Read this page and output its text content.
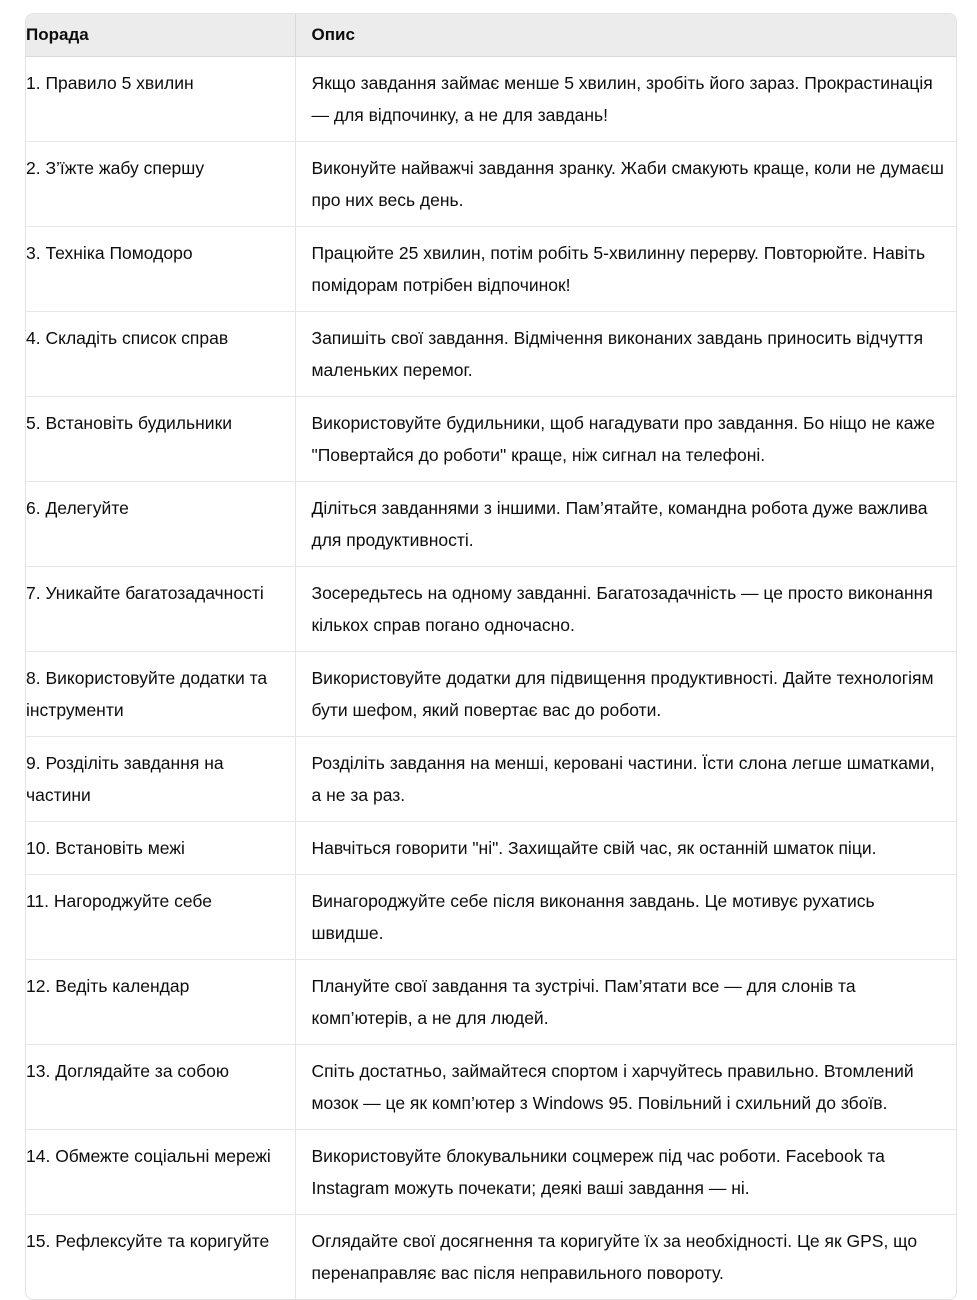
Порада	Опис
1. Правило 5 хвилин	Якщо завдання займає менше 5 хвилин, зробіть його зараз. Прокрастинація — для відпочинку, а не для завдань!
2. З’їжте жабу спершу	Виконуйте найважчі завдання зранку. Жаби смакують краще, коли не думаєш про них весь день.
3. Техніка Помодоро	Працюйте 25 хвилин, потім робіть 5-хвилинну перерву. Повторюйте. Навіть помідорам потрібен відпочинок!
4. Складіть список справ	Запишіть свої завдання. Відмічення виконаних завдань приносить відчуття маленьких перемог.
5. Встановіть будильники	Використовуйте будильники, щоб нагадувати про завдання. Бо ніщо не каже "Повертайся до роботи" краще, ніж сигнал на телефоні.
6. Делегуйте	Діліться завданнями з іншими. Пам’ятайте, командна робота дуже важлива для продуктивності.
7. Уникайте багатозадачності	Зосередьтесь на одному завданні. Багатозадачність — це просто виконання кількох справ погано одночасно.
8. Використовуйте додатки та інструменти	Використовуйте додатки для підвищення продуктивності. Дайте технологіям бути шефом, який повертає вас до роботи.
9. Розділіть завдання на частини	Розділіть завдання на менші, керовані частини. Їсти слона легше шматками, а не за раз.
10. Встановіть межі	Навчіться говорити "ні". Захищайте свій час, як останній шматок піци.
11. Нагороджуйте себе	Винагороджуйте себе після виконання завдань. Це мотивує рухатись швидше.
12. Ведіть календар	Плануйте свої завдання та зустрічі. Пам’ятати все — для слонів та комп’ютерів, а не для людей.
13. Доглядайте за собою	Спіть достатньо, займайтеся спортом і харчуйтесь правильно. Втомлений мозок — це як комп’ютер з Windows 95. Повільний і схильний до збоїв.
14. Обмежте соціальні мережі	Використовуйте блокувальники соцмереж під час роботи. Facebook та Instagram можуть почекати; деякі ваші завдання — ні.
15. Рефлексуйте та коригуйте	Оглядайте свої досягнення та коригуйте їх за необхідності. Це як GPS, що перенаправляє вас після неправильного повороту.
